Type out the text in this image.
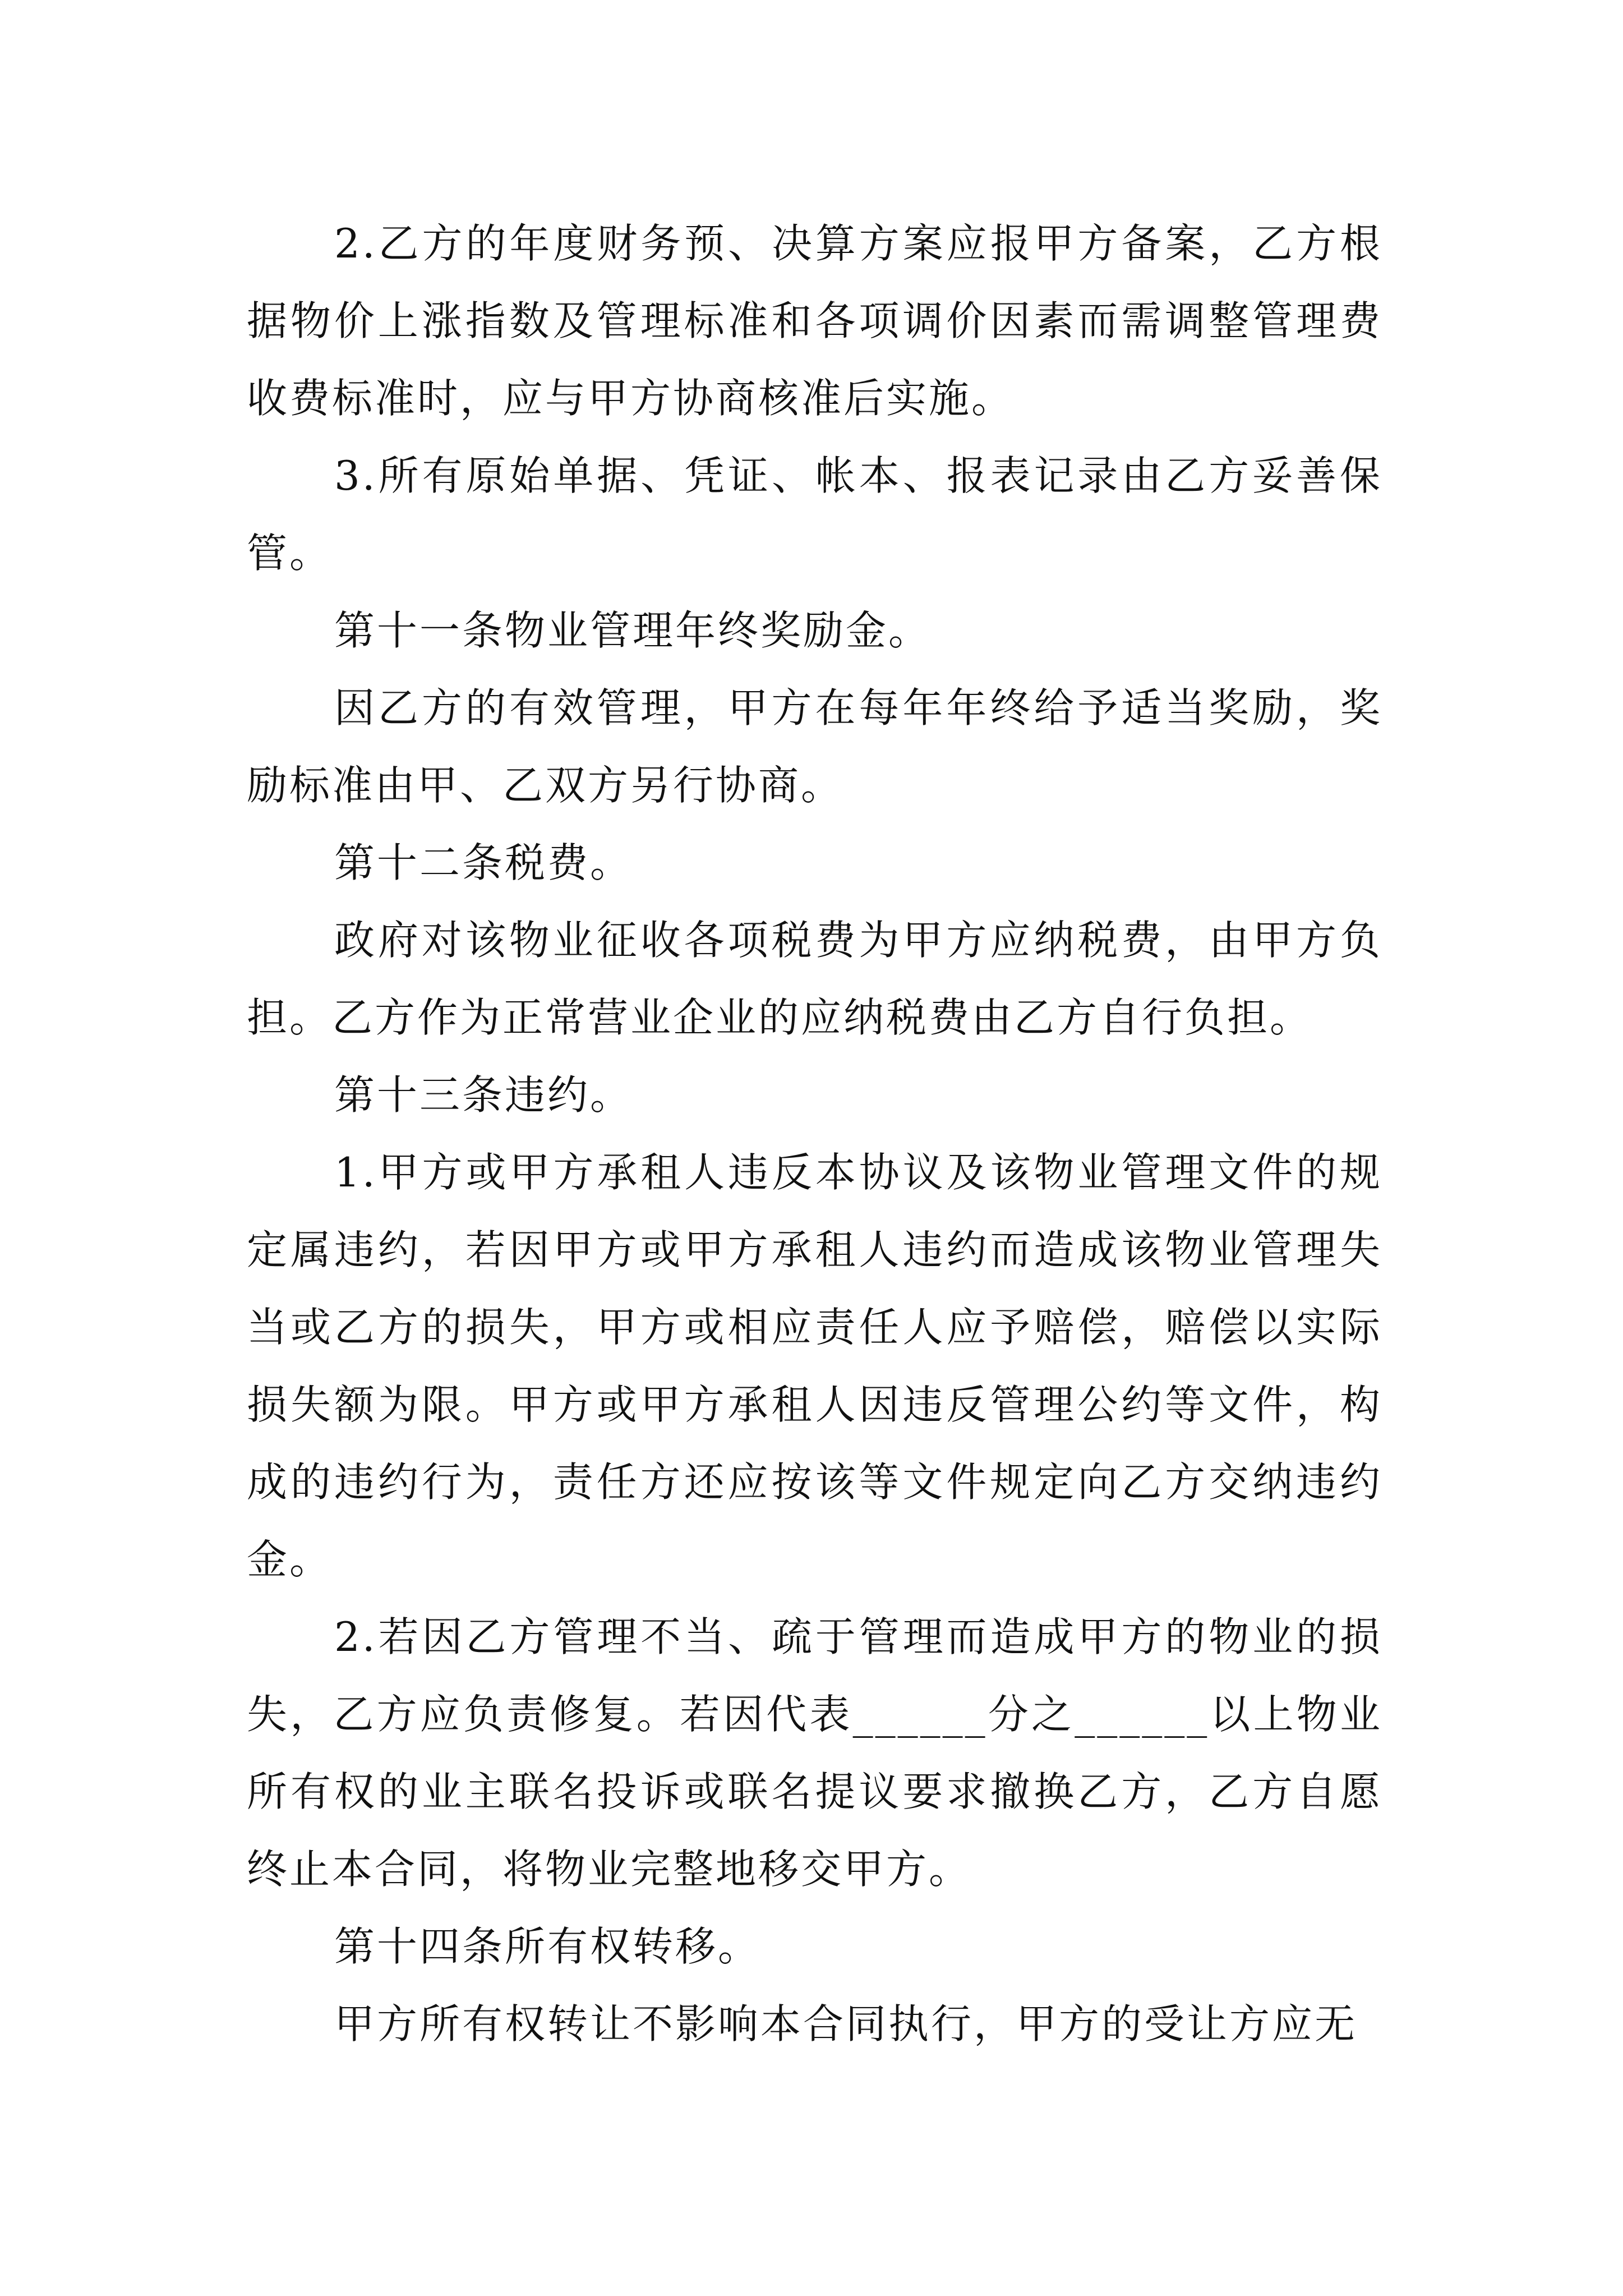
2.乙方的年度财务预、决算方案应报甲方备案，乙方根据物价上涨指数及管理标准和各项调价因素而需调整管理费收费标准时，应与甲方协商核准后实施。

3.所有原始单据、凭证、帐本、报表记录由乙方妥善保管。

第十一条物业管理年终奖励金。

因乙方的有效管理，甲方在每年年终给予适当奖励，奖励标准由甲、乙双方另行协商。

第十二条税费。

政府对该物业征收各项税费为甲方应纳税费，由甲方负担。乙方作为正常营业企业的应纳税费由乙方自行负担。

第十三条违约。

1.甲方或甲方承租人违反本协议及该物业管理文件的规定属违约，若因甲方或甲方承租人违约而造成该物业管理失当或乙方的损失，甲方或相应责任人应予赔偿，赔偿以实际损失额为限。甲方或甲方承租人因违反管理公约等文件，构成的违约行为，责任方还应按该等文件规定向乙方交纳违约金。

2.若因乙方管理不当、疏于管理而造成甲方的物业的损失，乙方应负责修复。若因代表______分之______以上物业所有权的业主联名投诉或联名提议要求撤换乙方，乙方自愿终止本合同，将物业完整地移交甲方。

第十四条所有权转移。

甲方所有权转让不影响本合同执行，甲方的受让方应无
